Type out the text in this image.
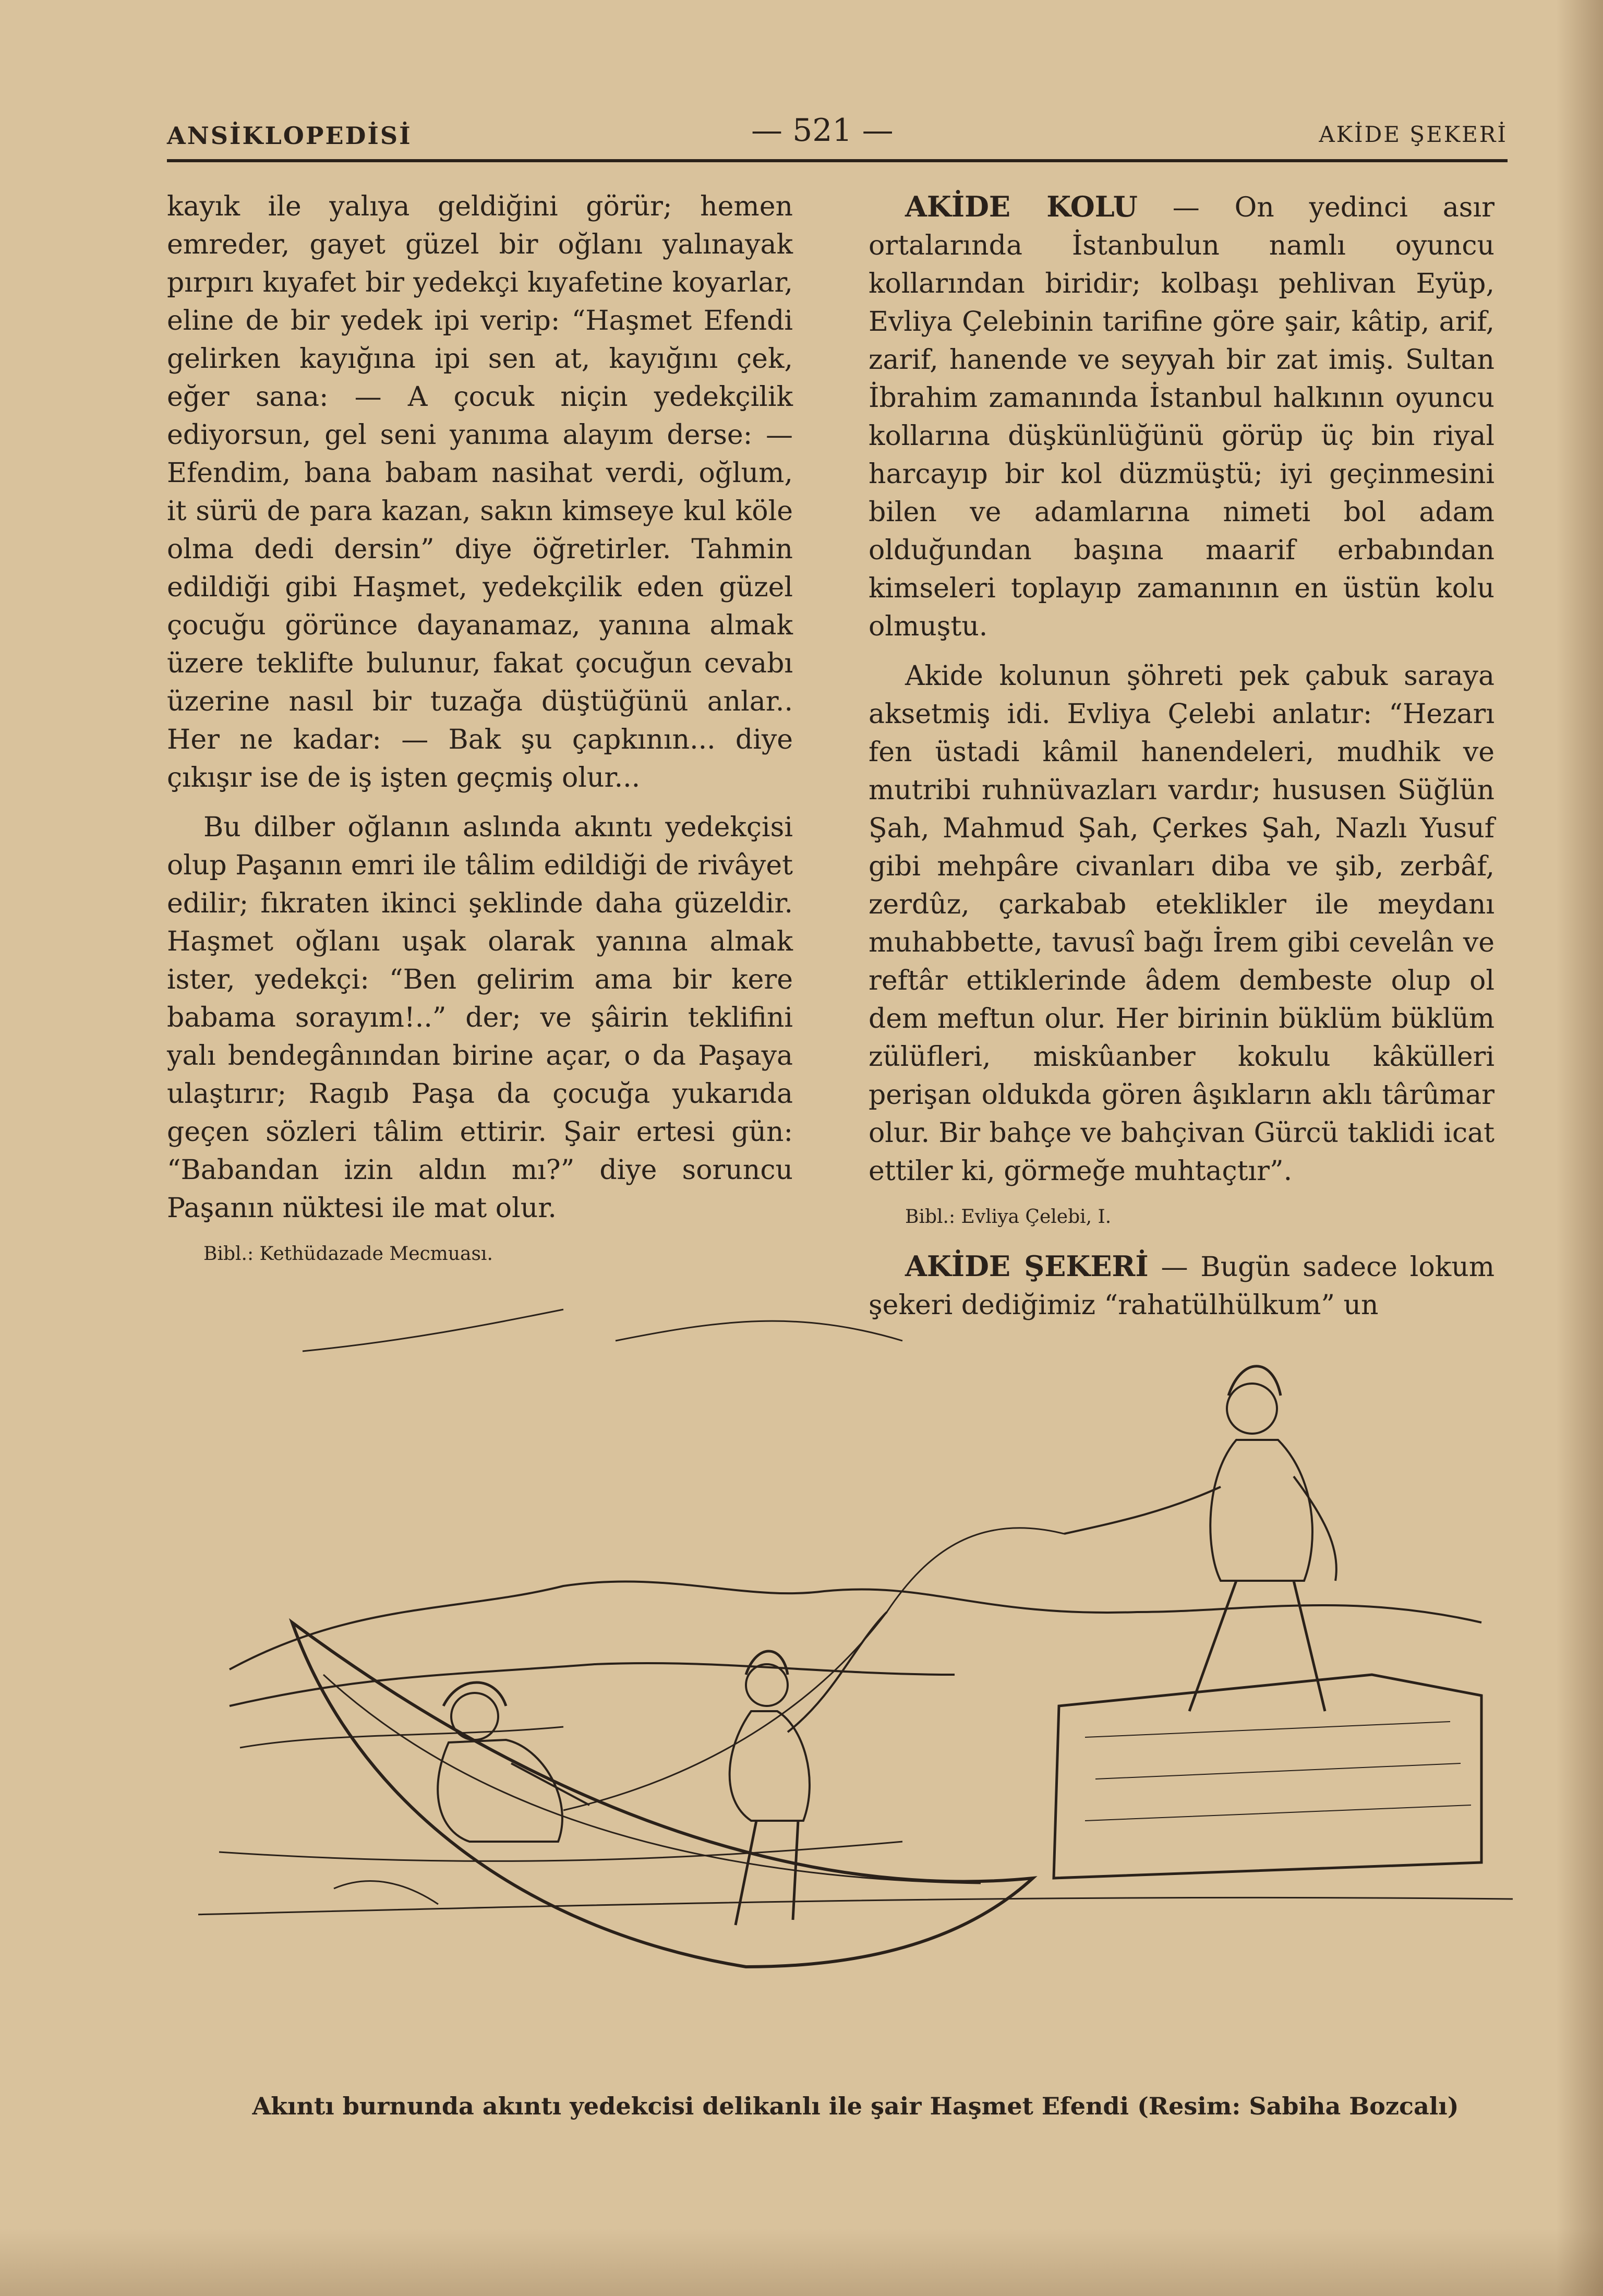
ANSİKLOPEDİSİ	— 521 —	AKİDE ŞEKERİ

kayık ile yalıya geldiğini görür; hemen emreder, gayet güzel bir oğlanı yalınayak pırpırı kıyafet bir yedekçi kıyafetine koyarlar, eline de bir yedek ipi verip: “Haşmet Efendi gelirken kayığına ipi sen at, kayığını çek, eğer sana: — A çocuk niçin yedekçilik ediyorsun, gel seni yanıma alayım derse: — Efendim, bana babam nasihat verdi, oğlum, it sürü de para kazan, sakın kimseye kul köle olma dedi dersin” diye öğretirler. Tahmin edildiği gibi Haşmet, yedekçilik eden güzel çocuğu görünce dayanamaz, yanına almak üzere teklifte bulunur, fakat çocuğun cevabı üzerine nasıl bir tuzağa düştüğünü anlar.. Her ne kadar: — Bak şu çapkının... diye çıkışır ise de iş işten geçmiş olur...

Bu dilber oğlanın aslında akıntı yedekçisi olup Paşanın emri ile tâlim edildiği de rivâyet edilir; fıkraten ikinci şeklinde daha güzeldir. Haşmet oğlanı uşak olarak yanına almak ister, yedekçi: “Ben gelirim ama bir kere babama sorayım!..” der; ve şâirin teklifini yalı bendegânından birine açar, o da Paşaya ulaştırır; Ragıb Paşa da çocuğa yukarıda geçen sözleri tâlim ettirir. Şair ertesi gün: “Babandan izin aldın mı?” diye soruncu Paşanın nüktesi ile mat olur.

Bibl.: Kethüdazade Mecmuası.

AKİDE KOLU — On yedinci asır ortalarında İstanbulun namlı oyuncu kollarından biridir; kolbaşı pehlivan Eyüp, Evliya Çelebinin tarifine göre şair, kâtip, arif, zarif, hanende ve seyyah bir zat imiş. Sultan İbrahim zamanında İstanbul halkının oyuncu kollarına düşkünlüğünü görüp üç bin riyal harcayıp bir kol düzmüştü; iyi geçinmesini bilen ve adamlarına nimeti bol adam olduğundan başına maarif erbabından kimseleri toplayıp zamanının en üstün kolu olmuştu.

Akide kolunun şöhreti pek çabuk saraya aksetmiş idi. Evliya Çelebi anlatır: “Hezarı fen üstadi kâmil hanendeleri, mudhik ve mutribi ruhnüvazları vardır; hususen Süğlün Şah, Mahmud Şah, Çerkes Şah, Nazlı Yusuf gibi mehpâre civanları diba ve şib, zerbâf, zerdûz, çarkabab eteklikler ile meydanı muhabbette, tavusî bağı İrem gibi cevelân ve reftâr ettiklerinde âdem dembeste olup ol dem meftun olur. Her birinin büklüm büklüm zülüfleri, miskûanber kokulu kâkülleri perişan oldukda gören âşıkların aklı târûmar olur. Bir bahçe ve bahçivan Gürcü taklidi icat ettiler ki, görmeğe muhtaçtır”.

Bibl.: Evliya Çelebi, I.

AKİDE ŞEKERİ — Bugün sadece lokum şekeri dediğimiz “rahatülhülkum” un

Akıntı burnunda akıntı yedekcisi delikanlı ile şair Haşmet Efendi (Resim: Sabiha Bozcalı)
